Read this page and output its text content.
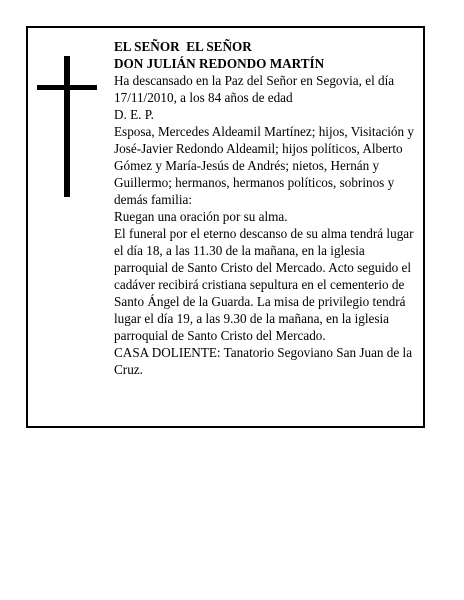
EL SEÑOR  EL SEÑOR

DON JULIÁN REDONDO MARTÍN

Ha descansado en la Paz del Señor en Segovia, el día 17/11/2010, a los 84 años de edad

D. E. P.

Esposa, Mercedes Aldeamil Martínez; hijos, Visitación y José-Javier Redondo Aldeamil; hijos políticos, Alberto Gómez y María-Jesús de Andrés; nietos, Hernán y Guillermo; hermanos, hermanos políticos, sobrinos y demás familia:

Ruegan una oración por su alma.

El funeral por el eterno descanso de su alma tendrá lugar el día 18, a las 11.30 de la mañana, en la iglesia parroquial de Santo Cristo del Mercado. Acto seguido el cadáver recibirá cristiana sepultura en el cementerio de Santo Ángel de la Guarda. La misa de privilegio tendrá lugar el día 19, a las 9.30 de la mañana, en la iglesia parroquial de Santo Cristo del Mercado.

CASA DOLIENTE: Tanatorio Segoviano San Juan de la Cruz.
